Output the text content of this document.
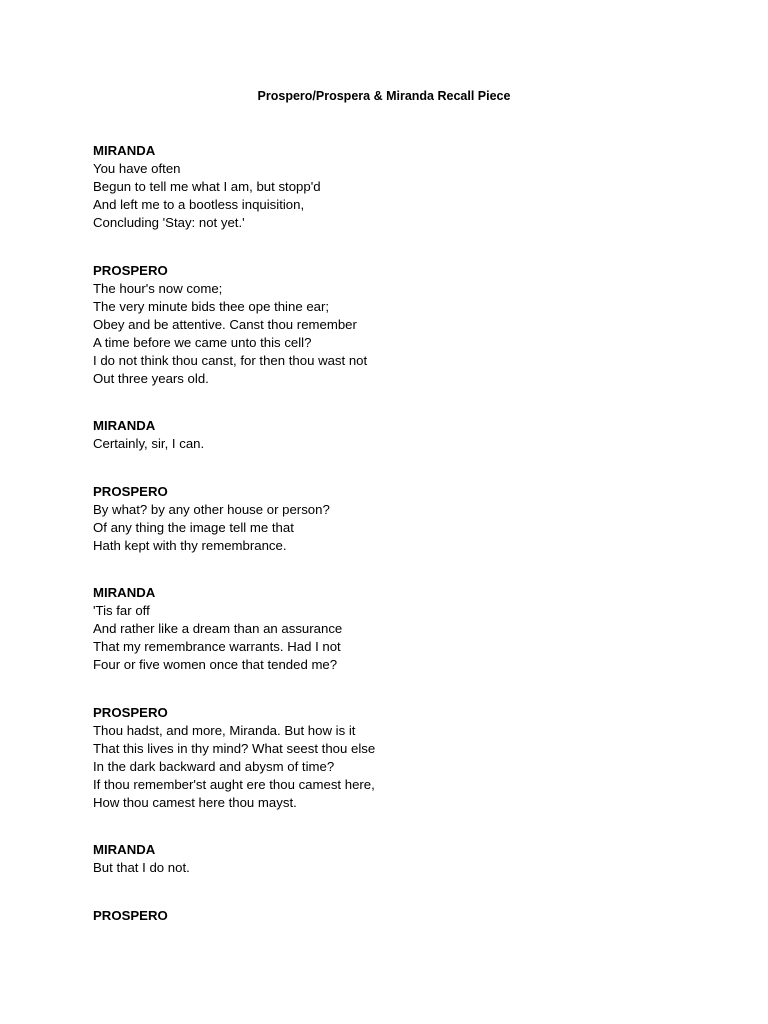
Prospero/Prospera & Miranda Recall Piece
MIRANDA
You have often
Begun to tell me what I am, but stopp'd
And left me to a bootless inquisition,
Concluding 'Stay: not yet.'
PROSPERO
The hour's now come;
The very minute bids thee ope thine ear;
Obey and be attentive. Canst thou remember
A time before we came unto this cell?
I do not think thou canst, for then thou wast not
Out three years old.
MIRANDA
Certainly, sir, I can.
PROSPERO
By what? by any other house or person?
Of any thing the image tell me that
Hath kept with thy remembrance.
MIRANDA
'Tis far off
And rather like a dream than an assurance
That my remembrance warrants. Had I not
Four or five women once that tended me?
PROSPERO
Thou hadst, and more, Miranda. But how is it
That this lives in thy mind? What seest thou else
In the dark backward and abysm of time?
If thou remember'st aught ere thou camest here,
How thou camest here thou mayst.
MIRANDA
But that I do not.
PROSPERO
